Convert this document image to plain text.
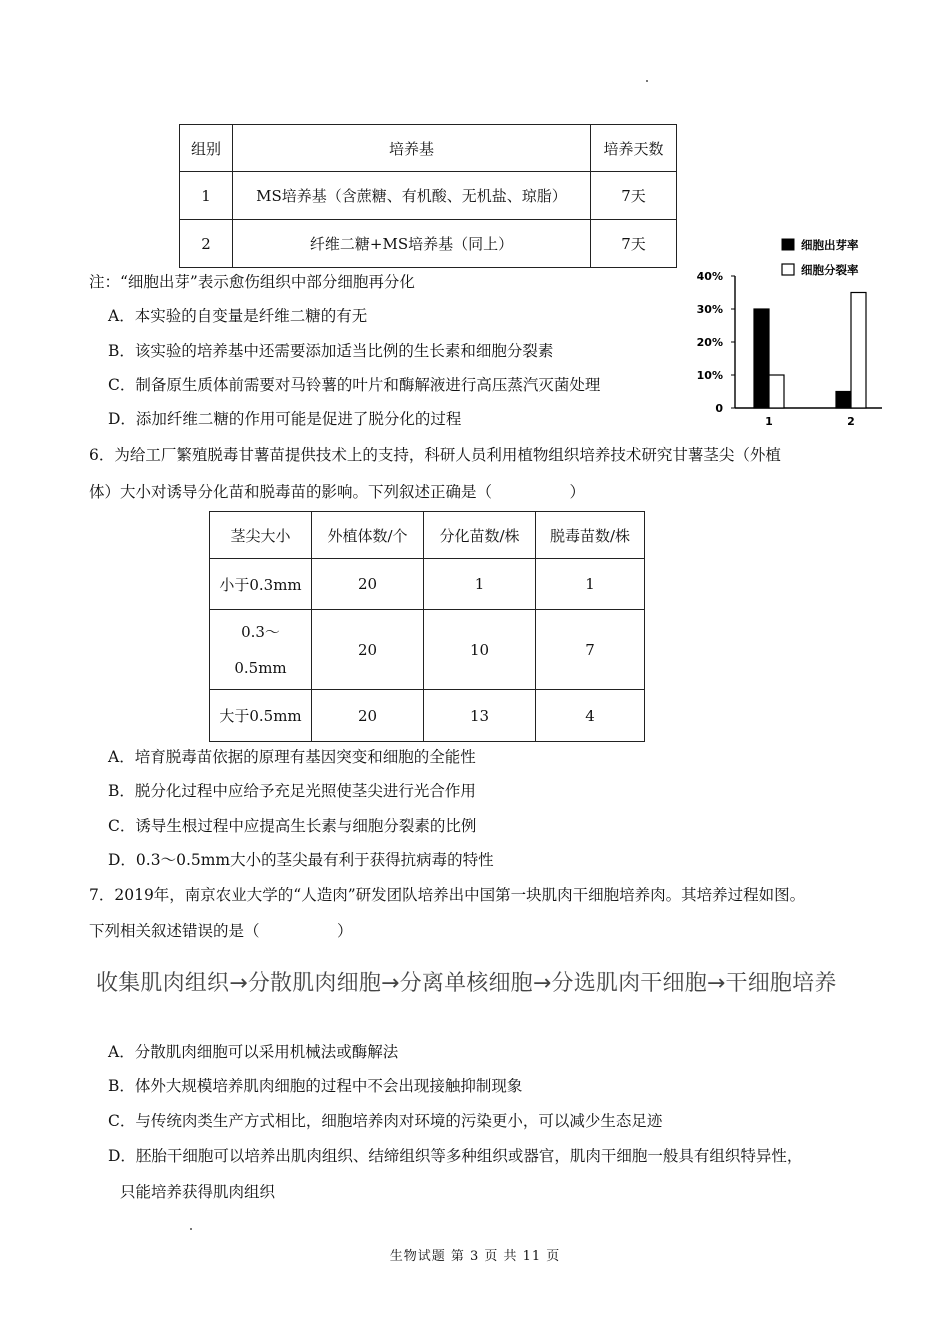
组别	培养基	培养天数
1	MS培养基（含蔗糖、有机酸、无机盐、琼脂）	7天
2	纤维二糖+MS培养基（同上）	7天
注：“细胞出芽”表示愈伤组织中部分细胞再分化
A．本实验的自变量是纤维二糖的有无
B．该实验的培养基中还需要添加适当比例的生长素和细胞分裂素
C．制备原生质体前需要对马铃薯的叶片和酶解液进行高压蒸汽灭菌处理
D．添加纤维二糖的作用可能是促进了脱分化的过程
细胞出芽率
细胞分裂率
0
10%
20%
30%
40%
1	2
6．为给工厂繁殖脱毒甘薯苗提供技术上的支持，科研人员利用植物组织培养技术研究甘薯茎尖（外植
体）大小对诱导分化苗和脱毒苗的影响。下列叙述正确是（　　　　　）
茎尖大小	外植体数/个	分化苗数/株	脱毒苗数/株
小于0.3mm	20	1	1

0.3～
0.5mm	20	10	7
大于0.5mm	20	13	4
A．培育脱毒苗依据的原理有基因突变和细胞的全能性
B．脱分化过程中应给予充足光照使茎尖进行光合作用
C．诱导生根过程中应提高生长素与细胞分裂素的比例
D．0.3～0.5mm大小的茎尖最有利于获得抗病毒的特性
7．2019年，南京农业大学的“人造肉”研发团队培养出中国第一块肌肉干细胞培养肉。其培养过程如图。
下列相关叙述错误的是（　　　　　）
收集肌肉组织→分散肌肉细胞→分离单核细胞→分选肌肉干细胞→干细胞培养
A．分散肌肉细胞可以采用机械法或酶解法
B．体外大规模培养肌肉细胞的过程中不会出现接触抑制现象
C．与传统肉类生产方式相比，细胞培养肉对环境的污染更小，可以减少生态足迹
D．胚胎干细胞可以培养出肌肉组织、结缔组织等多种组织或器官，肌肉干细胞一般具有组织特异性，
只能培养获得肌肉组织
生物试题 第 3 页 共 11 页
